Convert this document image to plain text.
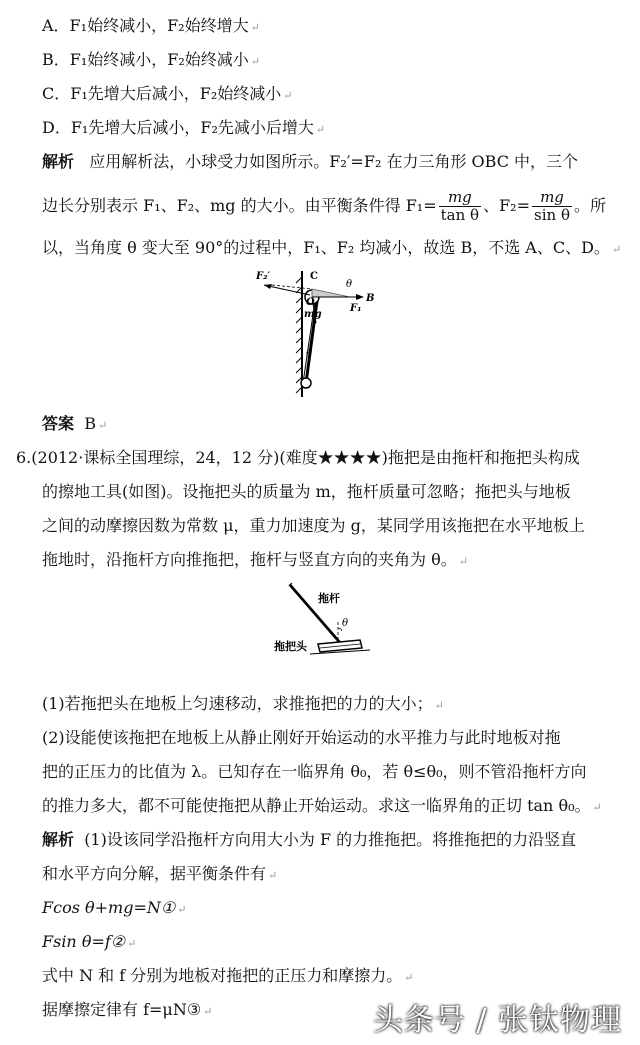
A．F₁始终减小，F₂始终增大 ↵
B．F₁始终减小，F₂始终减小 ↵
C．F₁先增大后减小，F₂始终减小 ↵
D．F₁先增大后减小，F₂先减小后增大 ↵
解析 应用解析法，小球受力如图所示。F₂′=F₂ 在力三角形 OBC 中，三个
边长分别表示 F₁、F₂、mg 的大小。由平衡条件得 $F_1= \frac{mg}{\text{tan θ}}$ 、$F_2= \frac{mg}{\text{sin θ}}$ 。所
以，当角度 θ 变大至 90°的过程中，F₁、F₂ 均减小，故选 B，不选 A、C、D。 ↵
F₂′	C
θ
O	B
mg
F₁
θ
答案 B ↵
6.(2012·课标全国理综，24，12 分)(难度★★★★)拖把是由拖杆和拖把头构成
的擦地工具(如图)。设拖把头的质量为 m，拖杆质量可忽略；拖把头与地板
之间的动摩擦因数为常数 μ，重力加速度为 g，某同学用该拖把在水平地板上
拖地时，沿拖杆方向推拖把，拖杆与竖直方向的夹角为 θ。 ↵
拖杆
拖把头
θ
(1)若拖把头在地板上匀速移动，求推拖把的力的大小； ↵
(2)设能使该拖把在地板上从静止刚好开始运动的水平推力与此时地板对拖
把的正压力的比值为 λ。已知存在一临界角 θ₀，若 θ≤θ₀，则不管沿拖杆方向
的推力多大，都不可能使拖把从静止开始运动。求这一临界角的正切 tan θ₀。 ↵
解析 (1)设该同学沿拖杆方向用大小为 F 的力推拖把。将推拖把的力沿竖直
和水平方向分解，据平衡条件有 ↵
Fcos θ+mg=N① ↵
Fsin θ=f② ↵
式中 N 和 f 分别为地板对拖把的正压力和摩擦力。 ↵
据摩擦定律有 f=μN③ ↵	头条号 / 张钛物理
